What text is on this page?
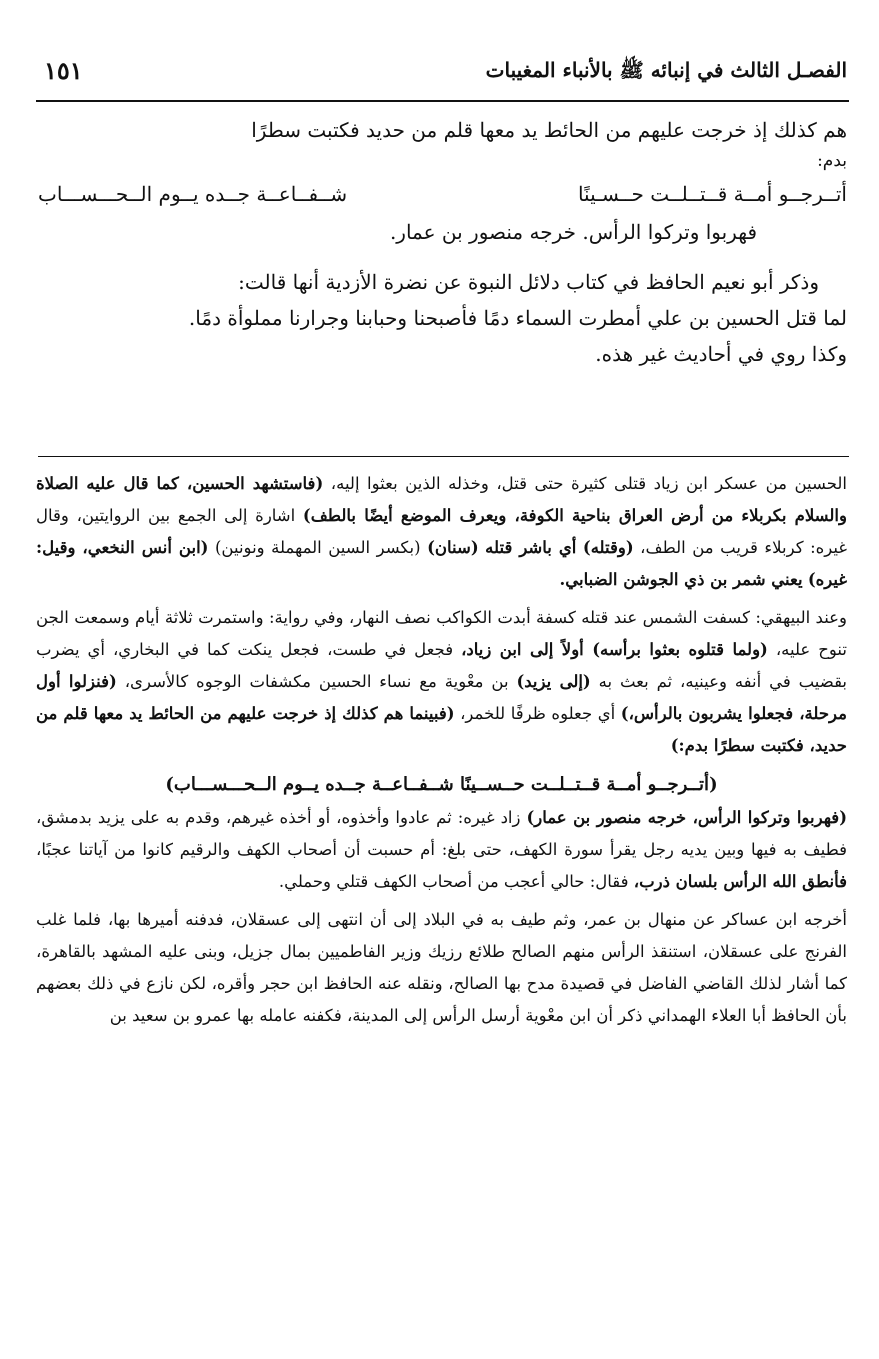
الفصـل الثالث في إنبائه ﷺ بالأنباء المغيبات
١٥١
هم كذلك إذ خرجت عليهم من الحائط يد معها قلم من حديد فكتبت سطرًا
بدم:
أتــرجــو أمــة قــتــلــت حــسـينًا
شــفــاعــة جــده يــوم الــحـــســـاب
فهربوا وتركوا الرأس. خرجه منصور بن عمار.
وذكر أبو نعيم الحافظ في كتاب دلائل النبوة عن نضرة الأزدية أنها قالت:
لما قتل الحسين بن علي أمطرت السماء دمًا فأصبحنا وحبابنا وجرارنا مملوأة دمًا.
وكذا روي في أحاديث غير هذه.

الحسين من عسكر ابن زياد قتلى كثيرة حتى قتل، وخذله الذين بعثوا إليه، (فاستشهد الحسين، كما قال عليه الصلاة والسلام بكربلاء من أرض العراق بناحية الكوفة، ويعرف الموضع أيضًا بالطف) اشارة إلى الجمع بين الروايتين، وقال غيره: كربلاء قريب من الطف، (وقتله) أي باشر قتله (سنان) (بكسر السين المهملة ونونين) (ابن أنس النخعي، وقيل: غيره) يعني شمر بن ذي الجوشن الضبابي.

وعند البيهقي: كسفت الشمس عند قتله كسفة أبدت الكواكب نصف النهار، وفي رواية: واستمرت ثلاثة أيام وسمعت الجن تنوح عليه، (ولما قتلوه بعثوا برأسه) أولاً إلى ابن زياد، فجعل في طست، فجعل ينكت كما في البخاري، أي يضرب بقضيب في أنفه وعينيه، ثم بعث به (إلى يزيد) بن معْوية مع نساء الحسين مكشفات الوجوه كالأسرى، (فنزلوا أول مرحلة، فجعلوا يشربون بالرأس،) أي جعلوه ظرفًا للخمر، (فبينما هم كذلك إذ خرجت عليهم من الحائط يد معها قلم من حديد، فكتبت سطرًا بدم:)

(أتــرجــو أمــة قــتــلــت حــســينًا شــفــاعــة جــده يــوم الــحـــســـاب)

(فهربوا وتركوا الرأس، خرجه منصور بن عمار) زاد غيره: ثم عادوا وأخذوه، أو أخذه غيرهم، وقدم به على يزيد بدمشق، فطيف به فيها وبين يديه رجل يقرأ سورة الكهف، حتى بلغ: أم حسبت أن أصحاب الكهف والرقيم كانوا من آياتنا عجبًا، فأنطق الله الرأس بلسان ذرب، فقال: حالي أعجب من أصحاب الكهف قتلي وحملي.

أخرجه ابن عساكر عن منهال بن عمر، وثم طيف به في البلاد إلى أن انتهى إلى عسقلان، فدفنه أميرها بها، فلما غلب الفرنج على عسقلان، استنقذ الرأس منهم الصالح طلائع رزيك وزير الفاطميين بمال جزيل، وبنى عليه المشهد بالقاهرة، كما أشار لذلك القاضي الفاضل في قصيدة مدح بها الصالح، ونقله عنه الحافظ ابن حجر وأقره، لكن نازع في ذلك بعضهم بأن الحافظ أبا العلاء الهمداني ذكر أن ابن معْوية أرسل الرأس إلى المدينة، فكفنه عامله بها عمرو بن سعيد بن
